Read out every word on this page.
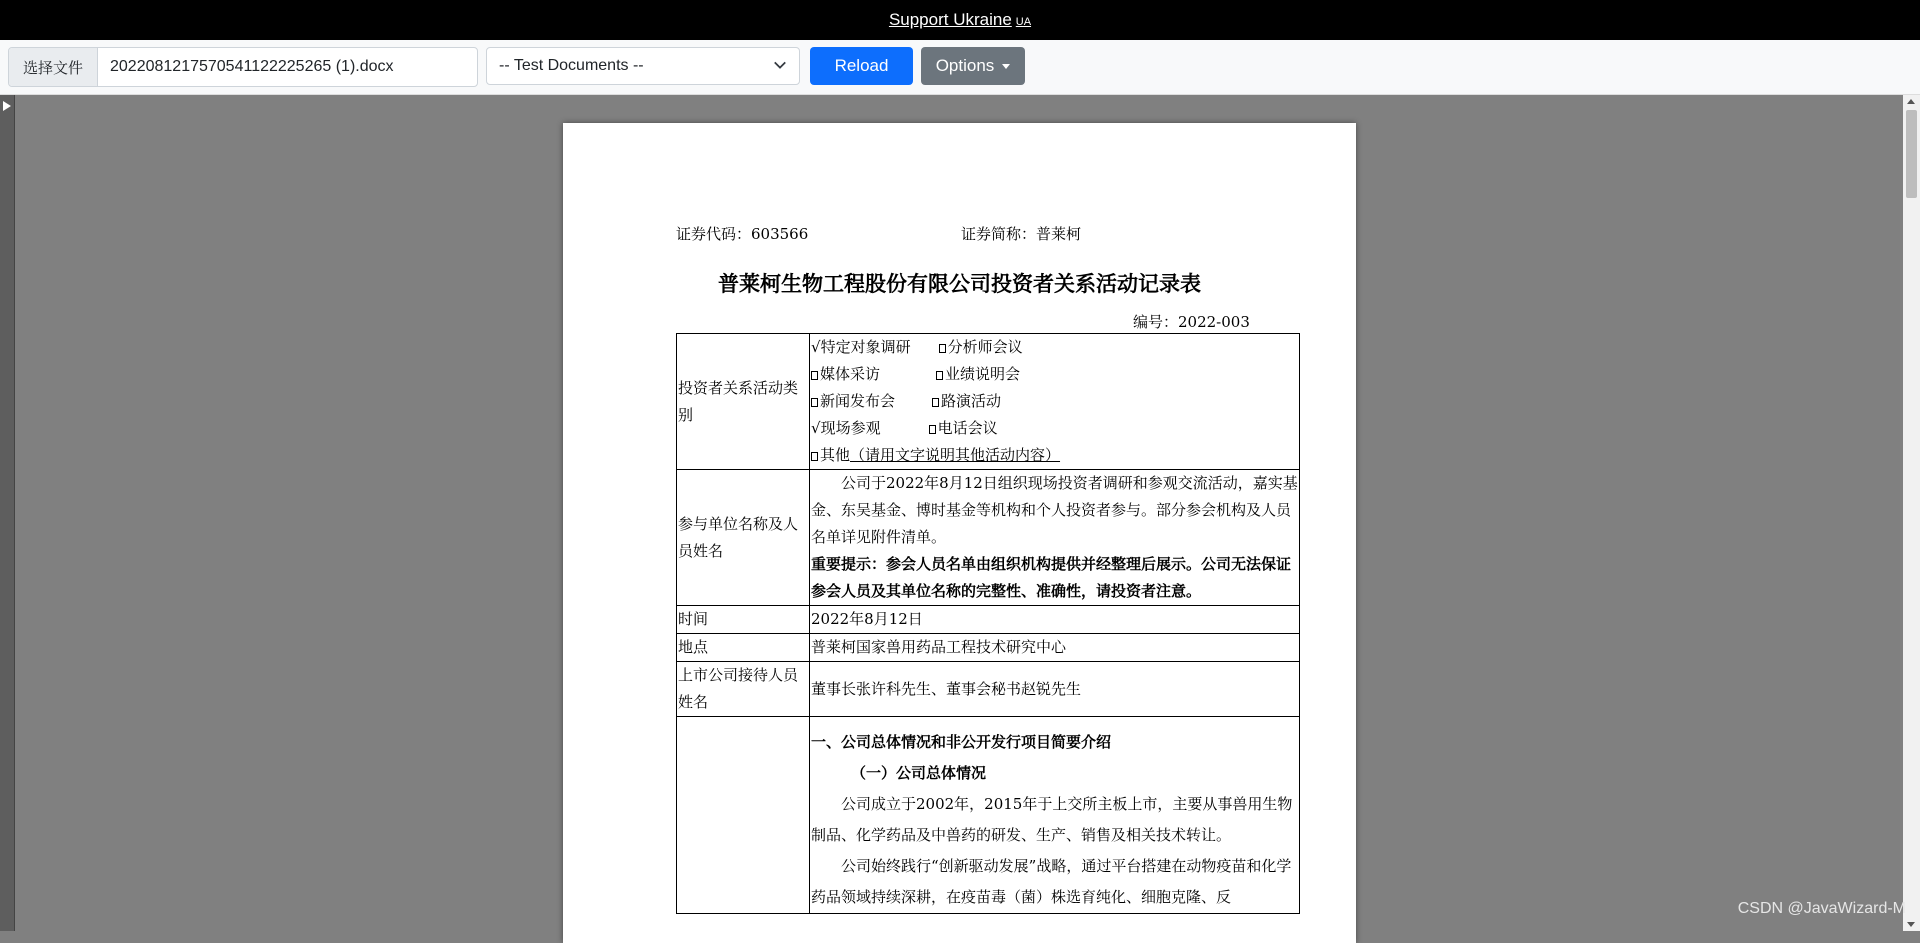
Support Ukraine UA
选择文件	20220812175705411222252​65 (1).docx	-- Test Documents --	Reload	Options
证券代码：603566	证券简称：普莱柯
普莱柯生物工程股份有限公司投资者关系活动记录表
编号：2022-003
投资者关系活动类别	√特定对象调研 分析师会议
媒体采访 业绩说明会
新闻发布会 路演活动
√现场参观 电话会议
其他（请用文字说明其他活动内容）

参与单位名称及人员姓名	公司于2022年8月12日组织现场投资者调研和参观交流活动，嘉实基金、东吴基金、博时基金等机构和个人投资者参与。部分参会机构及人员名单详见附件清单。
重要提示：参会人员名单由组织机构提供并经整理后展示。公司无法保证参会人员及其单位名称的完整性、准确性，请投资者注意。

时间	2022年8月12日
地点	普莱柯国家兽用药品工程技术研究中心
上市公司接待人员姓名	董事长张许科先生、董事会秘书赵锐先生

	一、公司总体情况和非公开发行项目简要介绍
（一）公司总体情况
公司成立于2002年，2015年于上交所主板上市，主要从事兽用生物制品、化学药品及中兽药的研发、生产、销售及相关技术转让。
公司始终践行“创新驱动发展”战略，通过平台搭建在动物疫苗和化学药品领域持续深耕，在疫苗毒（菌）株选育纯化、细胞克隆、反
CSDN @JavaWizard-M
